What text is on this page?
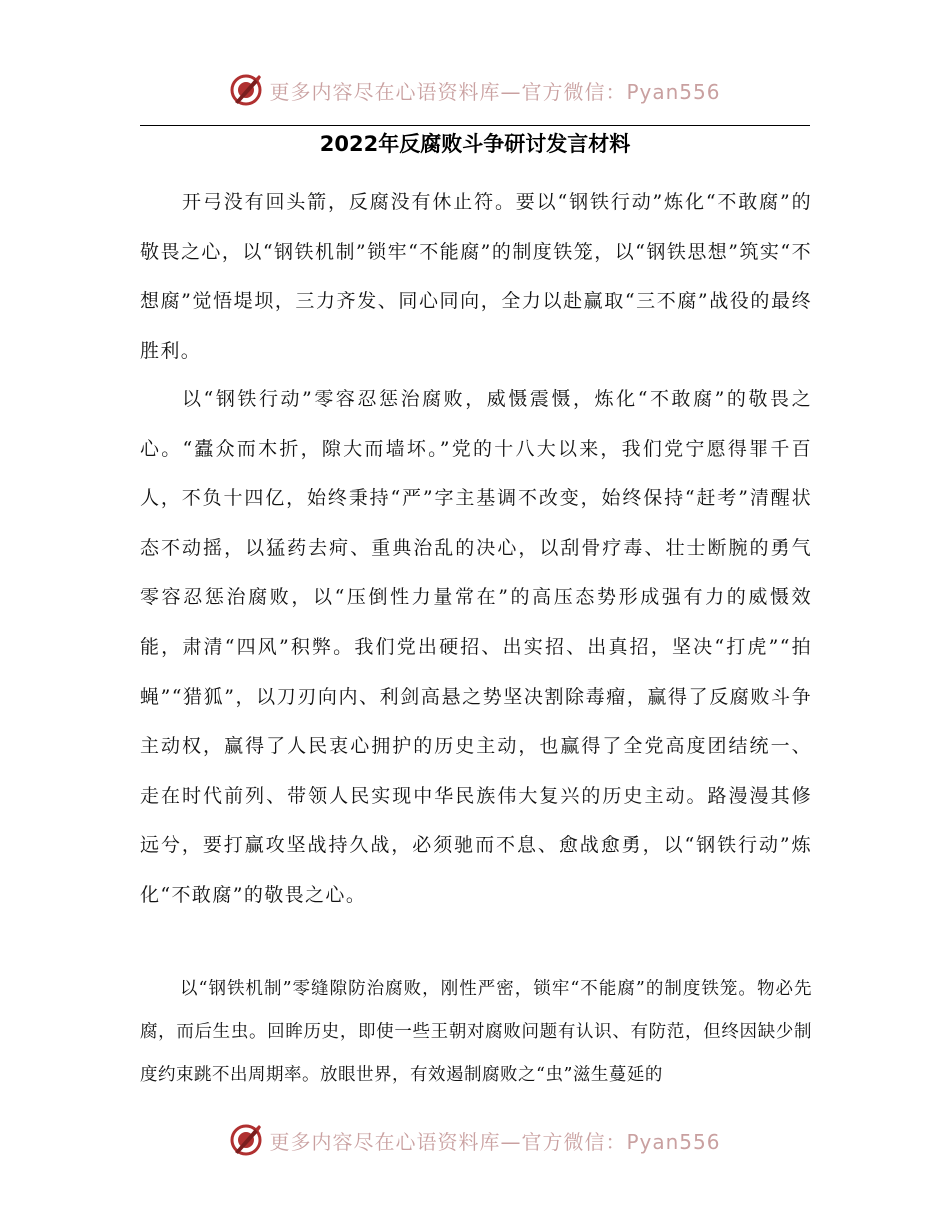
更多内容尽在心语资料库—官方微信：Pyan556
2022年反腐败斗争研讨发言材料

开弓没有回头箭，反腐没有休止符。要以“钢铁行动”炼化“不敢腐”的敬畏之心，以“钢铁机制”锁牢“不能腐”的制度铁笼，以“钢铁思想”筑实“不想腐”觉悟堤坝，三力齐发、同心同向，全力以赴赢取“三不腐”战役的最终胜利。

以“钢铁行动”零容忍惩治腐败，威慑震慑，炼化“不敢腐”的敬畏之心。“蠹众而木折，隙大而墙坏。”党的十八大以来，我们党宁愿得罪千百人，不负十四亿，始终秉持“严”字主基调不改变，始终保持“赶考”清醒状态不动摇，以猛药去疴、重典治乱的决心，以刮骨疗毒、壮士断腕的勇气零容忍惩治腐败，以“压倒性力量常在”的高压态势形成强有力的威慑效能，肃清“四风”积弊。我们党出硬招、出实招、出真招，坚决“打虎”“拍蝇”“猎狐”，以刀刃向内、利剑高悬之势坚决割除毒瘤，赢得了反腐败斗争主动权，赢得了人民衷心拥护的历史主动，也赢得了全党高度团结统一、走在时代前列、带领人民实现中华民族伟大复兴的历史主动。路漫漫其修远兮，要打赢攻坚战持久战，必须驰而不息、愈战愈勇，以“钢铁行动”炼化“不敢腐”的敬畏之心。

以“钢铁机制”零缝隙防治腐败，刚性严密，锁牢“不能腐”的制度铁笼。物必先腐，而后生虫。回眸历史，即使一些王朝对腐败问题有认识、有防范，但终因缺少制度约束跳不出周期率。放眼世界，有效遏制腐败之“虫”滋生蔓延的

更多内容尽在心语资料库—官方微信：Pyan556
